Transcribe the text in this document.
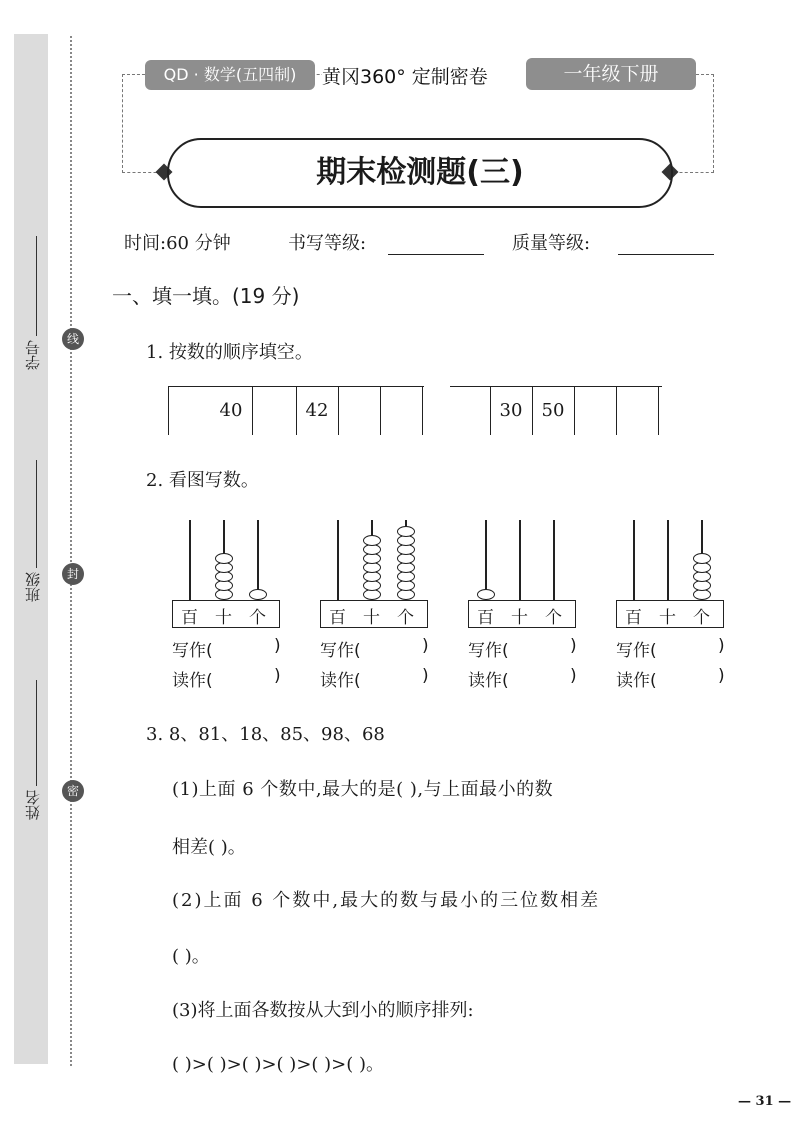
学号
班级
姓名
线
封
密
QD · 数学(五四制)	黄冈360° 定制密卷	一年级下册
期末检测题(三)
时间:60 分钟	书写等级:	质量等级:
一、填一填。(19 分)
1. 按数的顺序填空。
40	42	30	50
2. 看图写数。
百 十 个
写作(	)
读作(	)
百 十 个
写作(	)
读作(	)
百 十 个
写作(	)
读作(	)
百 十 个
写作(	)
读作(	)
3. 8、81、18、85、98、68
(1)上面 6 个数中,最大的是( ),与上面最小的数
相差( )。
(2)上面 6 个数中,最大的数与最小的三位数相差
( )。
(3)将上面各数按从大到小的顺序排列:
( )>( )>( )>( )>( )>( )。
— 31 —
